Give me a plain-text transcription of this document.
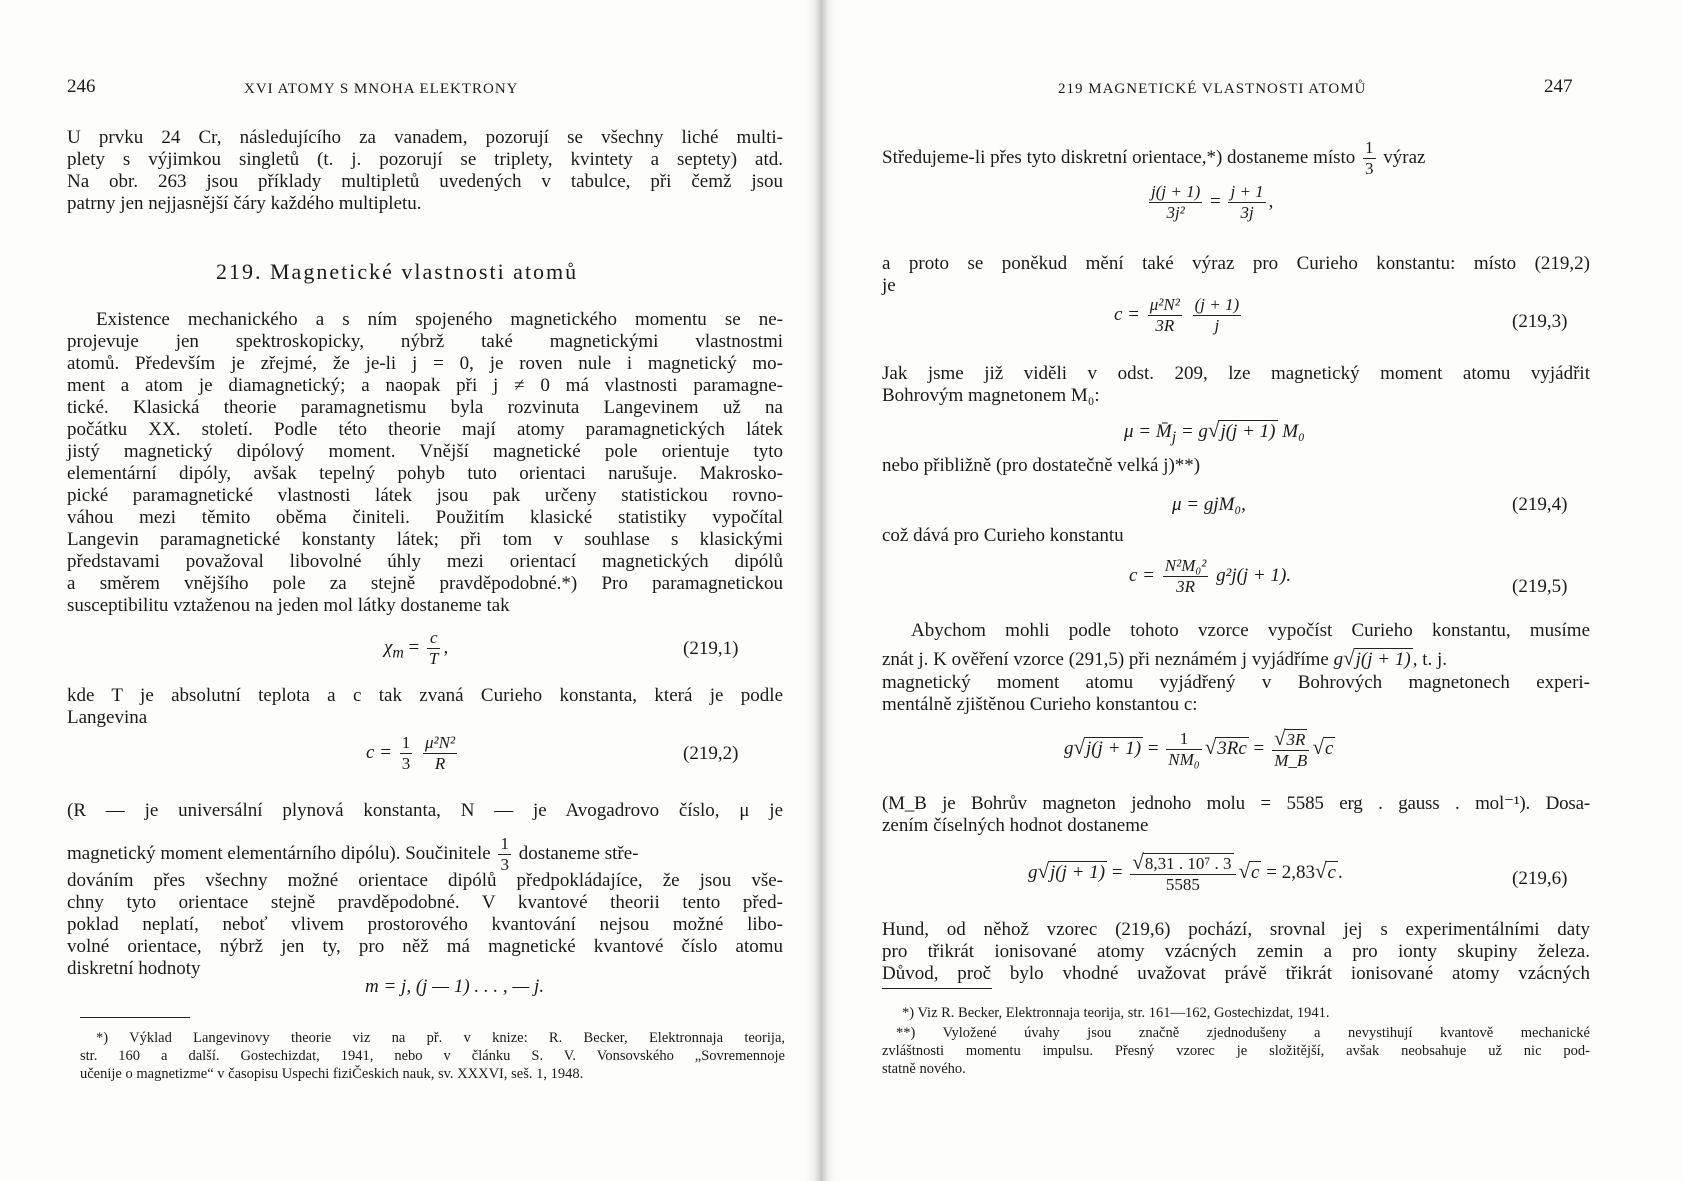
246	XVI ATOMY S MNOHA ELEKTRONY
U prvku 24 Cr, následujícího za vanadem, pozorují se všechny liché multi-
plety s výjimkou singletů (t. j. pozorují se triplety, kvintety a septety) atd.
Na obr. 263 jsou příklady multipletů uvedených v tabulce, při čemž jsou
patrny jen nejjasnější čáry každého multipletu.
219. Magnetické vlastnosti atomů
Existence mechanického a s ním spojeného magnetického momentu se ne-
projevuje jen spektroskopicky, nýbrž také magnetickými vlastnostmi
atomů. Především je zřejmé, že je-li j = 0, je roven nule i magnetický mo-
ment a atom je diamagnetický; a naopak při j ≠ 0 má vlastnosti paramagne-
tické. Klasická theorie paramagnetismu byla rozvinuta Langevinem už na
počátku XX. století. Podle této theorie mají atomy paramagnetických látek
jistý magnetický dipólový moment. Vnější magnetické pole orientuje tyto
elementární dipóly, avšak tepelný pohyb tuto orientaci narušuje. Makrosko-
pické paramagnetické vlastnosti látek jsou pak určeny statistickou rovno-
váhou mezi těmito oběma činiteli. Použitím klasické statistiky vypočítal
Langevin paramagnetické konstanty látek; při tom v souhlase s klasickými
představami považoval libovolné úhly mezi orientací magnetických dipólů
a směrem vnějšího pole za stejně pravděpodobné.*) Pro paramagnetickou
susceptibilitu vztaženou na jeden mol látky dostaneme tak
$\chi_m = \frac{c}{T}$ ,	(219,1)
kde T je absolutní teplota a c tak zvaná Curieho konstanta, která je podle
Langevina
$c = \frac{1}{3}$
$\frac{\text{μ²N²}}{R}$	(219,2)
(R — je universální plynová konstanta, N — je Avogadrovo číslo, μ je
magnetický moment elementárního dipólu). Součinitele $\frac{1}{3}$ dostaneme stře-
dováním přes všechny možné orientace dipólů předpokládajíce, že jsou vše-
chny tyto orientace stejně pravděpodobné. V kvantové theorii tento před-
poklad neplatí, neboť vlivem prostorového kvantování nejsou možné libo-
volné orientace, nýbrž jen ty, pro něž má magnetické kvantové číslo atomu
diskretní hodnoty
m = j, (j — 1) . . . , — j.
*) Výklad Langevinovy theorie viz na př. v knize: R. Becker, Elektronnaja teorija,
str. 160 a další. Gostechizdat, 1941, nebo v článku S. V. Vonsovského „Sovremennoje
učenije o magnetizme“ v časopisu Uspechi fiziČeskich nauk, sv. XXXVI, seš. 1, 1948.
219 MAGNETICKÉ VLASTNOSTI ATOMŮ	247
Středujeme-li přes tyto diskretní orientace,*) dostaneme místo $\frac{1}{3}$ výraz
$\frac{j(j + 1)}{\text{3j²}} = \frac{j + 1}{3j}$ ,
a proto se poněkud mění také výraz pro Curieho konstantu: místo (219,2)
je
$c = \frac{\text{μ²N²}}{3R}$
$\frac{(j + 1)}{j}$	(219,3)
Jak jsme již viděli v odst. 209, lze magnetický moment atomu vyjádřit
Bohrovým magnetonem M₀:
$\mu = M̄_j = g√j(j + 1)$ M₀
nebo přibližně (pro dostatečně velká j)**)
μ = gjM₀,	(219,4)
což dává pro Curieho konstantu
$c = \frac{\text{N²M₀²}}{3R} g^2j(j + 1)$.
(219,5)
Abychom mohli podle tohoto vzorce vypočíst Curieho konstantu, musíme
znát j. K ověření vzorce (291,5) při neznámém j vyjádříme g√j(j + 1) , t. j.
magnetický moment atomu vyjádřený v Bohrových magnetonech experi-
mentálně zjištěnou Curieho konstantou c:
$g√j(j + 1) = \frac{1}{\text{NM₀}} √3Rc = \frac{√3R}{M\_B} √c$
(M_B je Bohrův magneton jednoho molu = 5585 erg . gauss . mol⁻¹). Dosa-
zením číselných hodnot dostaneme
$g√j(j + 1) = \frac{\text{√8,31 . 10⁷ . 3}}{5585} √c = 2,83√c$ .	(219,6)
Hund, od něhož vzorec (219,6) pochází, srovnal jej s experimentálními daty
pro třikrát ionisované atomy vzácných zemin a pro ionty skupiny železa.
Důvod, proč bylo vhodné uvažovat právě třikrát ionisované atomy vzácných
*) Viz R. Becker, Elektronnaja teorija, str. 161—162, Gostechizdat, 1941.
**) Vyložené úvahy jsou značně zjednodušeny a nevystihují kvantově mechanické
zvláštnosti momentu impulsu. Přesný vzorec je složitější, avšak neobsahuje už nic pod-
statně nového.
